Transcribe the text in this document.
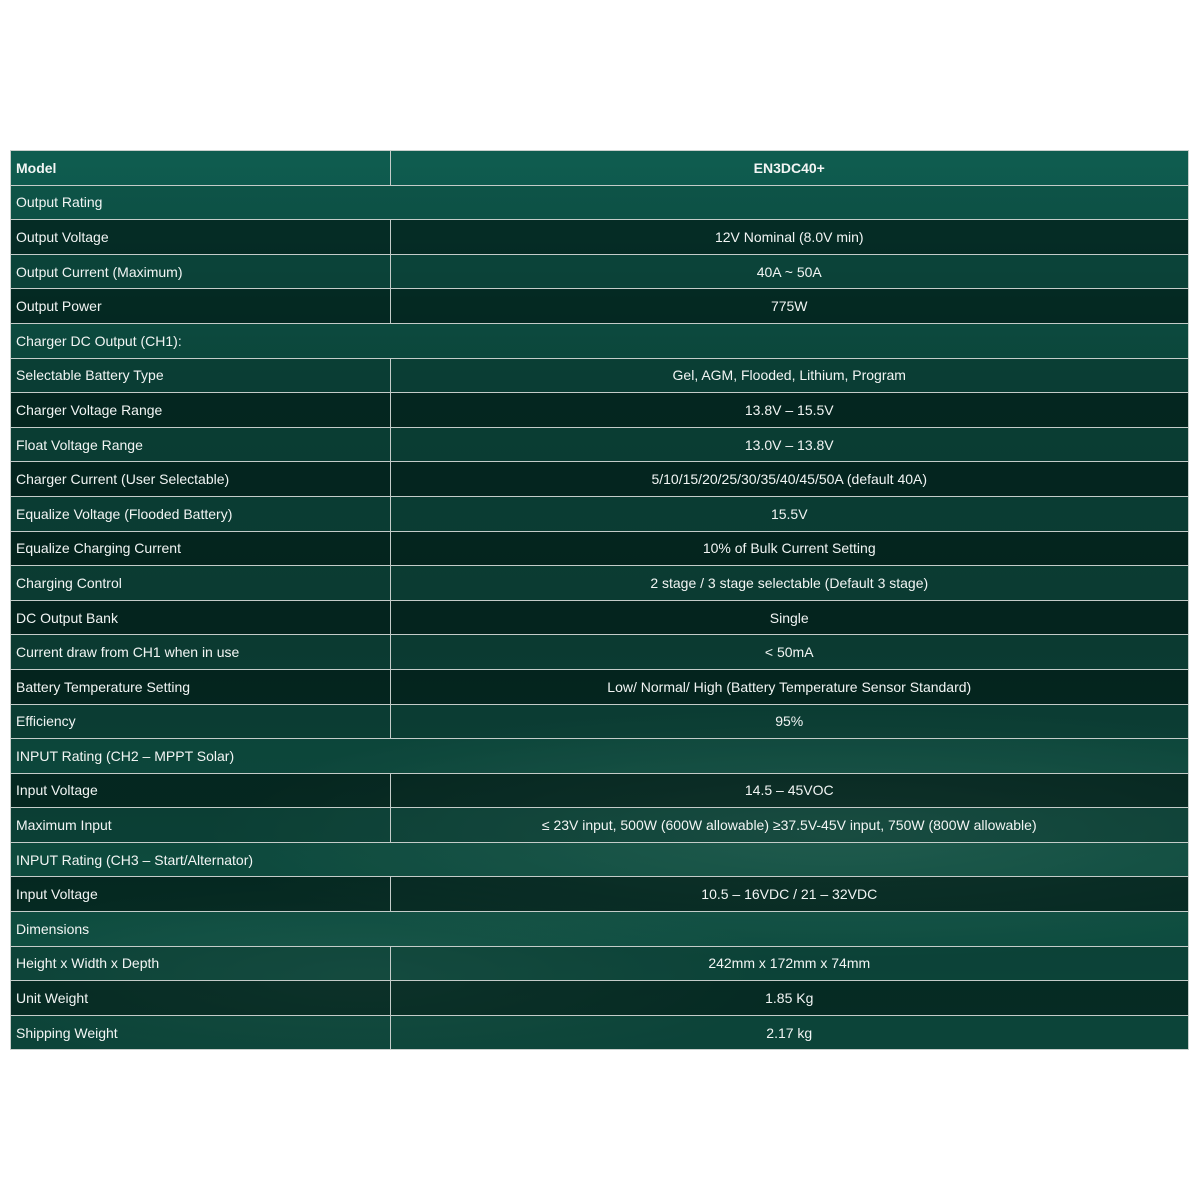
Model	EN3DC40+
Output Rating	
Output Voltage	12V Nominal (8.0V min)
Output Current (Maximum)	40A ~ 50A
Output Power	775W
Charger DC Output (CH1):	
Selectable Battery Type	Gel, AGM, Flooded, Lithium, Program
Charger Voltage Range	13.8V – 15.5V
Float Voltage Range	13.0V – 13.8V
Charger Current (User Selectable)	5/10/15/20/25/30/35/40/45/50A (default 40A)
Equalize Voltage (Flooded Battery)	15.5V
Equalize Charging Current	10% of Bulk Current Setting
Charging Control	2 stage / 3 stage selectable (Default 3 stage)
DC Output Bank	Single
Current draw from CH1 when in use	< 50mA
Battery Temperature Setting	Low/ Normal/ High (Battery Temperature Sensor Standard)
Efficiency	95%
INPUT Rating (CH2 – MPPT Solar)	
Input Voltage	14.5 – 45VOC
Maximum Input	≤ 23V input, 500W (600W allowable) ≥37.5V-45V input, 750W (800W allowable)
INPUT Rating (CH3 – Start/Alternator)	
Input Voltage	10.5 – 16VDC / 21 – 32VDC
Dimensions	
Height x Width x Depth	242mm x 172mm x 74mm
Unit Weight	1.85 Kg
Shipping Weight	2.17 kg
